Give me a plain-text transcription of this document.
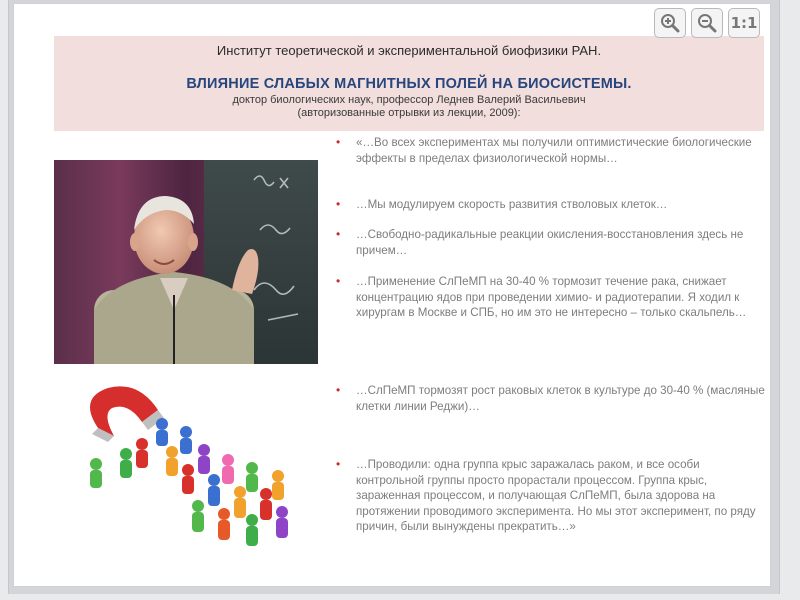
Институт теоретической и экспериментальной биофизики РАН.
ВЛИЯНИЕ СЛАБЫХ МАГНИТНЫХ ПОЛЕЙ НА БИОСИСТЕМЫ.
доктор биологических наук, профессор Леднев Валерий Васильевич
(авторизованные отрывки из лекции, 2009):
• «…Во всех экспериментах мы получили оптимистические биологические эффекты в пределах физиологической нормы…
• …Мы модулируем скорость развития стволовых клеток…
• …Свободно-радикальные реакции окисления-восстановления здесь не причем…
• …Применение СлПеМП на 30-40 % тормозит течение рака, снижает концентрацию ядов при проведении химио- и радиотерапии. Я ходил к хирургам в Москве и СПБ, но им это не интересно – только скальпель…
• …СлПеМП тормозят рост раковых клеток в культуре до 30-40 % (масляные клетки линии Реджи)…
• …Проводили: одна группа крыс заражалась раком, и все особи контрольной группы просто прорастали процессом. Группа крыс, зараженная процессом, и получающая СлПеМП, была здорова на протяжении проводимого эксперимента. Но мы этот эксперимент, по ряду причин, были вынуждены прекратить…»
1:1
